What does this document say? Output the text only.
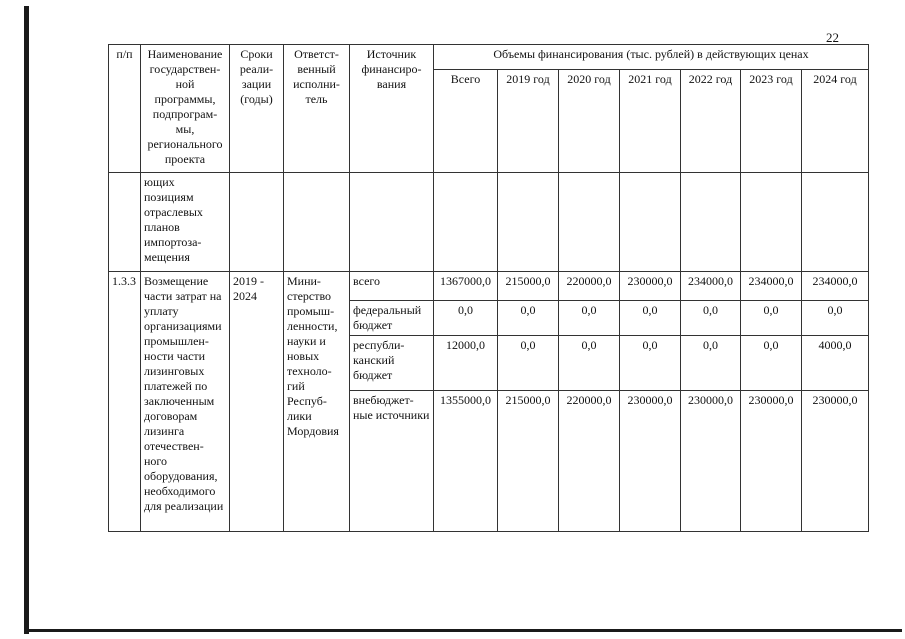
22
п/п	Наименование государствен-ной программы, подпрограм-мы, регионального проекта	Сроки реали-зации (годы)	Ответст-венный исполни-тель	Источник финансиро-вания	Объемы финансирования (тыс. рублей) в действующих ценах						
					Всего	2019 год	2020 год	2021 год	2022 год	2023 год	2024 год
	ющих позициям отраслевых планов импортоза-мещения										
1.3.3	Возмещение части затрат на уплату организациями промышлен-ности части лизинговых платежей по заключенным договорам лизинга отечествен-ного оборудования, необходимого для реализации	2019 - 2024	Мини-стерство промыш-ленности, науки и новых техноло-гий Респуб-лики Мордовия	всего	1367000,0	215000,0	220000,0	230000,0	234000,0	234000,0	234000,0
				федеральный бюджет	0,0	0,0	0,0	0,0	0,0	0,0	0,0
				республи-канский бюджет	12000,0	0,0	0,0	0,0	0,0	0,0	4000,0
				внебюджет-ные источники	1355000,0	215000,0	220000,0	230000,0	230000,0	230000,0	230000,0
